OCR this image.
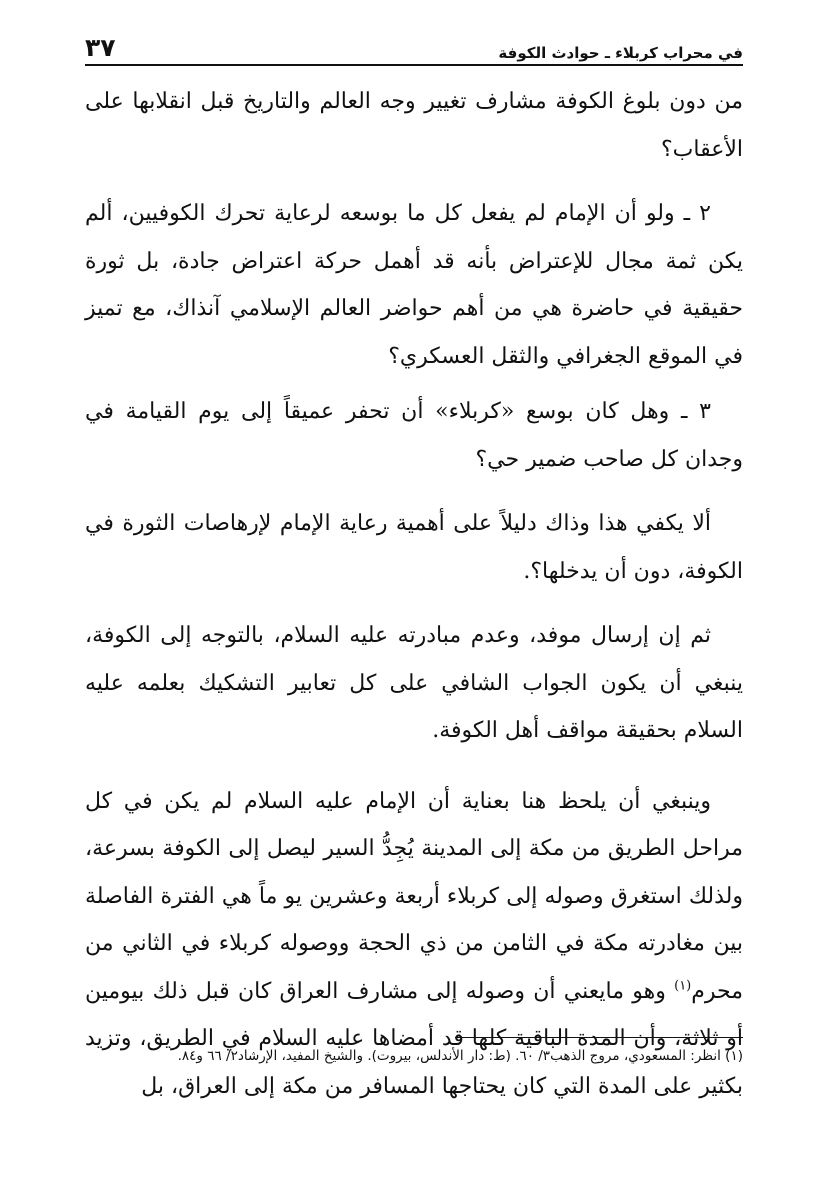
في محراب كربلاء ـ حوادث الكوفة
٣٧

من دون بلوغ الكوفة مشارف تغيير وجه العالم والتاريخ قبل انقلابها على الأعقاب؟

٢ ـ ولو أن الإمام لم يفعل كل ما بوسعه لرعاية تحرك الكوفيين، ألم يكن ثمة مجال للإعتراض بأنه قد أهمل حركة اعتراض جادة، بل ثورة حقيقية في حاضرة هي من أهم حواضر العالم الإسلامي آنذاك، مع تميز في الموقع الجغرافي والثقل العسكري؟

٣ ـ وهل كان بوسع «كربلاء» أن تحفر عميقاً إلى يوم القيامة في وجدان كل صاحب ضمير حي؟

ألا يكفي هذا وذاك دليلاً على أهمية رعاية الإمام لإرهاصات الثورة في الكوفة، دون أن يدخلها؟.

ثم إن إرسال موفد، وعدم مبادرته عليه السلام، بالتوجه إلى الكوفة، ينبغي أن يكون الجواب الشافي على كل تعابير التشكيك بعلمه عليه السلام بحقيقة مواقف أهل الكوفة.

وينبغي أن يلحظ هنا بعناية أن الإمام عليه السلام لم يكن في كل مراحل الطريق من مكة إلى المدينة يُجِدُّ السير ليصل إلى الكوفة بسرعة، ولذلك استغرق وصوله إلى كربلاء أربعة وعشرين يو ماً هي الفترة الفاصلة بين مغادرته مكة في الثامن من ذي الحجة ووصوله كربلاء في الثاني من محرم$^{(١)}$ وهو مايعني أن وصوله إلى مشارف العراق كان قبل ذلك بيومين أو ثلاثة، وأن المدة الباقية كلها قد أمضاها عليه السلام في الطريق، وتزيد بكثير على المدة التي كان يحتاجها المسافر من مكة إلى العراق، بل

(١) انظر: المسعودي، مروج الذهب٣/ ٦٠. (ط: دار الأندلس، بيروت). والشيخ المفيد، الإرشاد٢/ ٦٦ و٨٤.
